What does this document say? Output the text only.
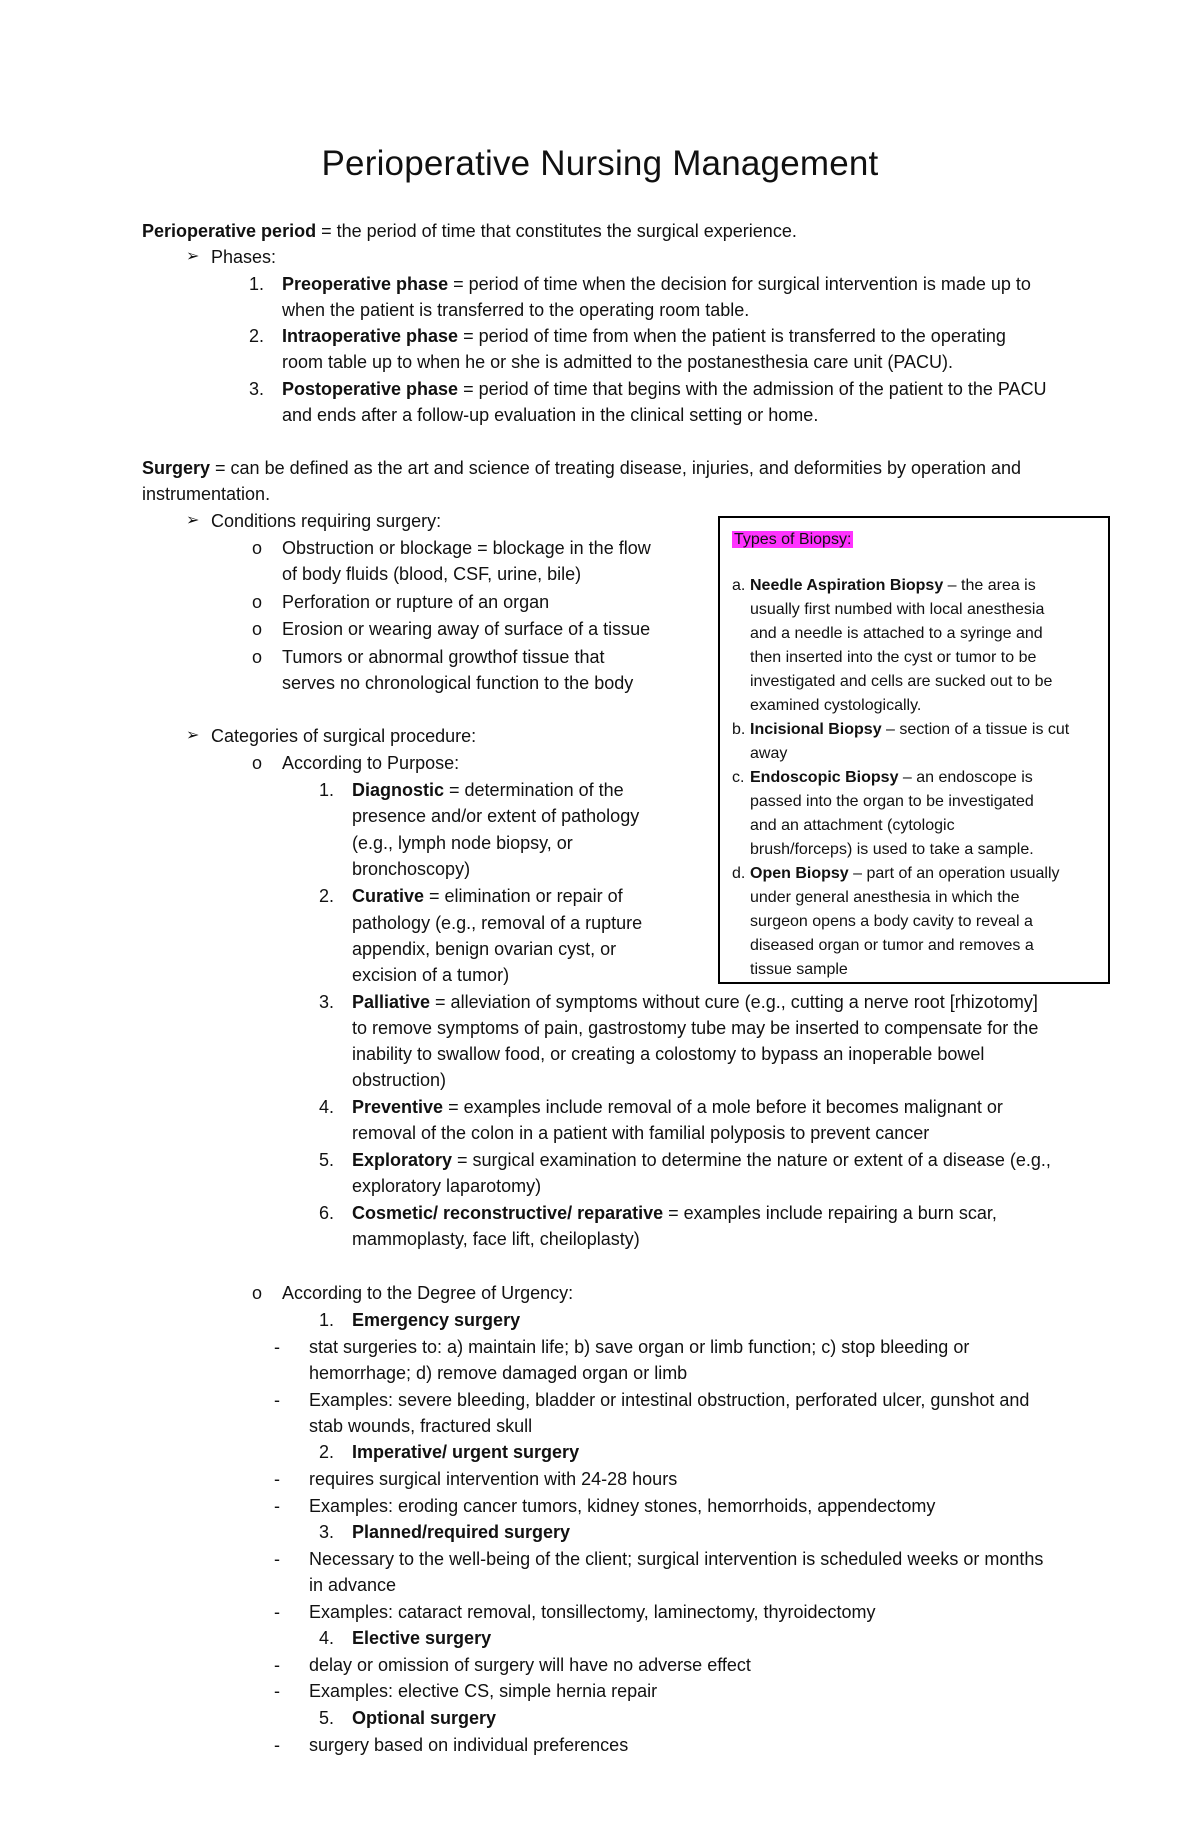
Perioperative Nursing Management
Perioperative period = the period of time that constitutes the surgical experience.
➢ Phases:
1. Preoperative phase = period of time when the decision for surgical intervention is made up to
when the patient is transferred to the operating room table.
2. Intraoperative phase = period of time from when the patient is transferred to the operating
room table up to when he or she is admitted to the postanesthesia care unit (PACU).
3. Postoperative phase = period of time that begins with the admission of the patient to the PACU
and ends after a follow-up evaluation in the clinical setting or home.
Surgery = can be defined as the art and science of treating disease, injuries, and deformities by operation and
instrumentation.
➢ Conditions requiring surgery:
o Obstruction or blockage = blockage in the flow
of body fluids (blood, CSF, urine, bile)
o Perforation or rupture of an organ
o Erosion or wearing away of surface of a tissue
o Tumors or abnormal growthof tissue that
serves no chronological function to the body
➢ Categories of surgical procedure:
o According to Purpose:
1. Diagnostic = determination of the
presence and/or extent of pathology
(e.g., lymph node biopsy, or
bronchoscopy)
2. Curative = elimination or repair of
pathology (e.g., removal of a rupture
appendix, benign ovarian cyst, or
excision of a tumor)
3. Palliative = alleviation of symptoms without cure (e.g., cutting a nerve root [rhizotomy]
to remove symptoms of pain, gastrostomy tube may be inserted to compensate for the
inability to swallow food, or creating a colostomy to bypass an inoperable bowel
obstruction)
4. Preventive = examples include removal of a mole before it becomes malignant or
removal of the colon in a patient with familial polyposis to prevent cancer
5. Exploratory = surgical examination to determine the nature or extent of a disease (e.g.,
exploratory laparotomy)
6. Cosmetic/ reconstructive/ reparative = examples include repairing a burn scar,
mammoplasty, face lift, cheiloplasty)
o According to the Degree of Urgency:
1. Emergency surgery
- stat surgeries to: a) maintain life; b) save organ or limb function; c) stop bleeding or
hemorrhage; d) remove damaged organ or limb
- Examples: severe bleeding, bladder or intestinal obstruction, perforated ulcer, gunshot and
stab wounds, fractured skull
2. Imperative/ urgent surgery
- requires surgical intervention with 24-28 hours
- Examples: eroding cancer tumors, kidney stones, hemorrhoids, appendectomy
3. Planned/required surgery
- Necessary to the well-being of the client; surgical intervention is scheduled weeks or months
in advance
- Examples: cataract removal, tonsillectomy, laminectomy, thyroidectomy
4. Elective surgery
- delay or omission of surgery will have no adverse effect
- Examples: elective CS, simple hernia repair
5. Optional surgery
- surgery based on individual preferences
Types of Biopsy:
a. Needle Aspiration Biopsy – the area is
usually first numbed with local anesthesia
and a needle is attached to a syringe and
then inserted into the cyst or tumor to be
investigated and cells are sucked out to be
examined cystologically.
b. Incisional Biopsy – section of a tissue is cut
away
c. Endoscopic Biopsy – an endoscope is
passed into the organ to be investigated
and an attachment (cytologic
brush/forceps) is used to take a sample.
d. Open Biopsy – part of an operation usually
under general anesthesia in which the
surgeon opens a body cavity to reveal a
diseased organ or tumor and removes a
tissue sample
